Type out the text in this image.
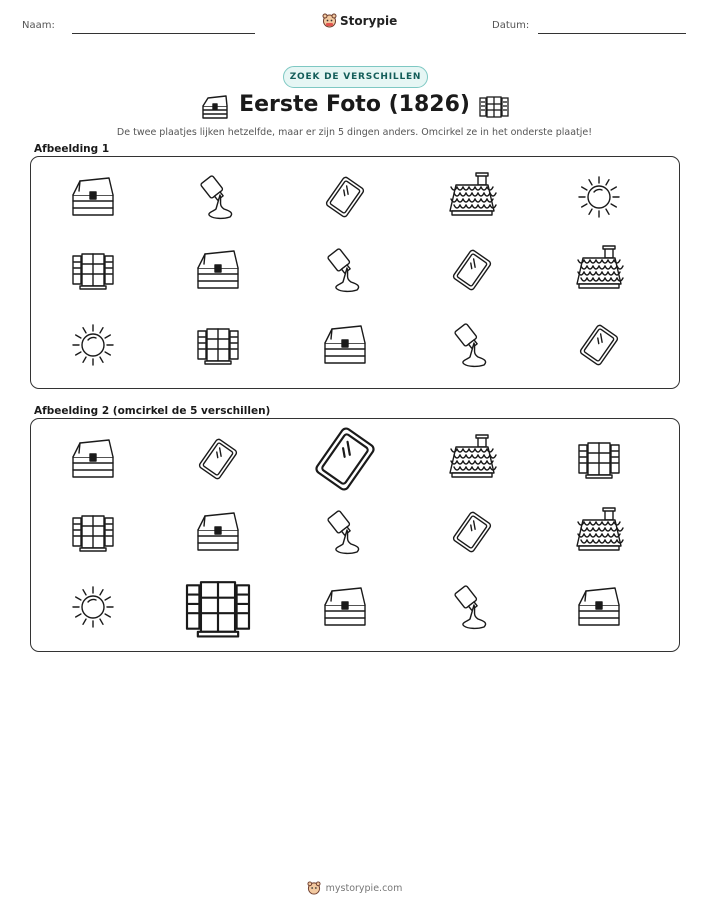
Naam:	Storypie	Datum:
ZOEK DE VERSCHILLEN
Eerste Foto (1826)
De twee plaatjes lijken hetzelfde, maar er zijn 5 dingen anders. Omcirkel ze in het onderste plaatje!
Afbeelding 1
Afbeelding 2 (omcirkel de 5 verschillen)
mystorypie.com
